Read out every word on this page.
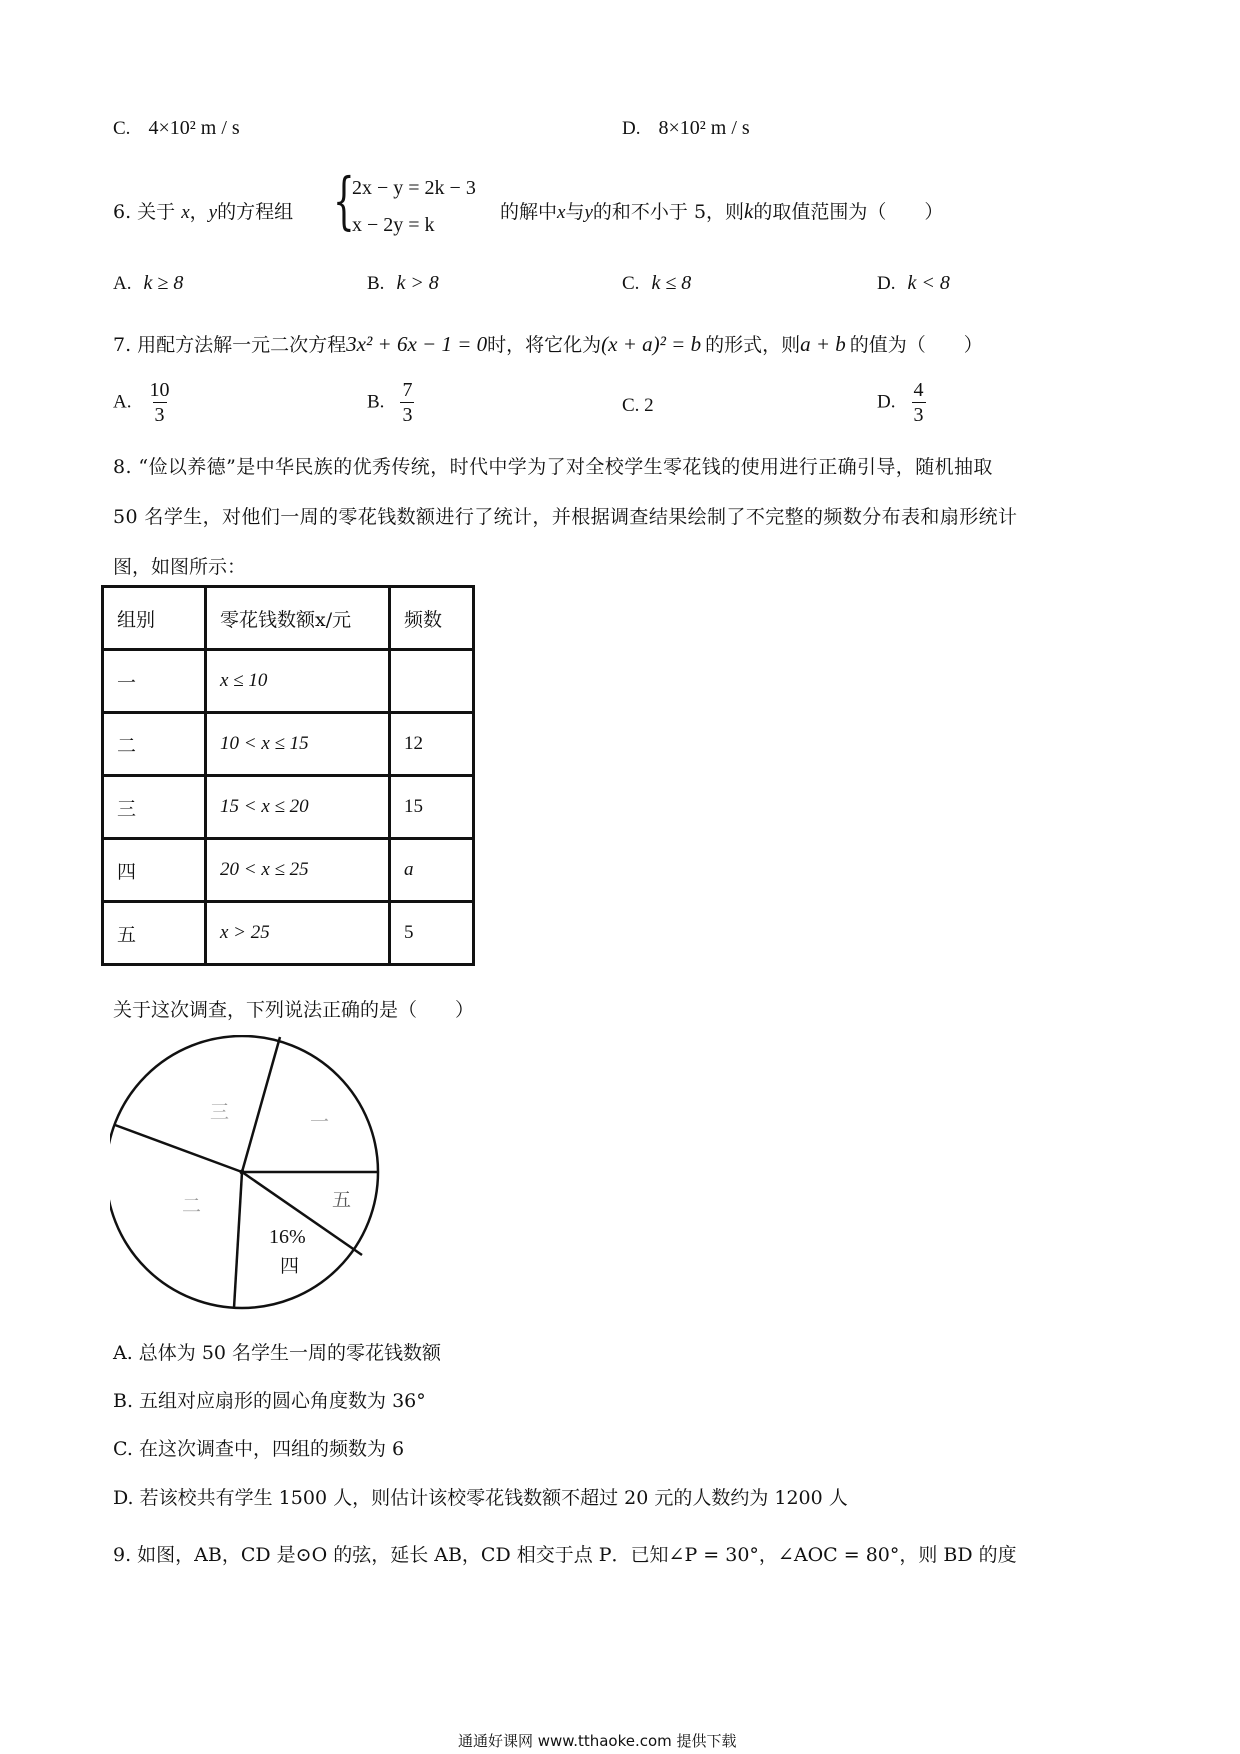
C. 4×10² m / s	D. 8×10² m / s
6. 关于 x，y的方程组 {
2x − y = 2k − 3
x − 2y = k
的解中x与y的和不小于 5，则k的取值范围为（　　）
A. k ≥ 8	B. k > 8	C. k ≤ 8	D. k < 8
7. 用配方法解一元二次方程3x² + 6x − 1 = 0时，将它化为(x + a)² = b 的形式，则a + b 的值为（　　）
A. $\frac{10}{3}$	B. $\frac{7}{3}$	C. 2	D. $\frac{4}{3}$
8. “俭以养德”是中华民族的优秀传统，时代中学为了对全校学生零花钱的使用进行正确引导，随机抽取
50 名学生，对他们一周的零花钱数额进行了统计，并根据调查结果绘制了不完整的频数分布表和扇形统计
图，如图所示：
组别	零花钱数额x/元	频数
一	x ≤ 10	
二	10 < x ≤ 15	12
三	15 < x ≤ 20	15
四	20 < x ≤ 25	a
五	x > 25	5
关于这次调查，下列说法正确的是（　　）
三	一
五
二
16%
四
A. 总体为 50 名学生一周的零花钱数额
B. 五组对应扇形的圆心角度数为 36°
C. 在这次调查中，四组的频数为 6
D. 若该校共有学生 1500 人，则估计该校零花钱数额不超过 20 元的人数约为 1200 人
9. 如图，AB，CD 是⊙O 的弦，延长 AB，CD 相交于点 P．已知∠P = 30°，∠AOC = 80°，则 BD 的度
通通好课网 www.tthaoke.com 提供下载
